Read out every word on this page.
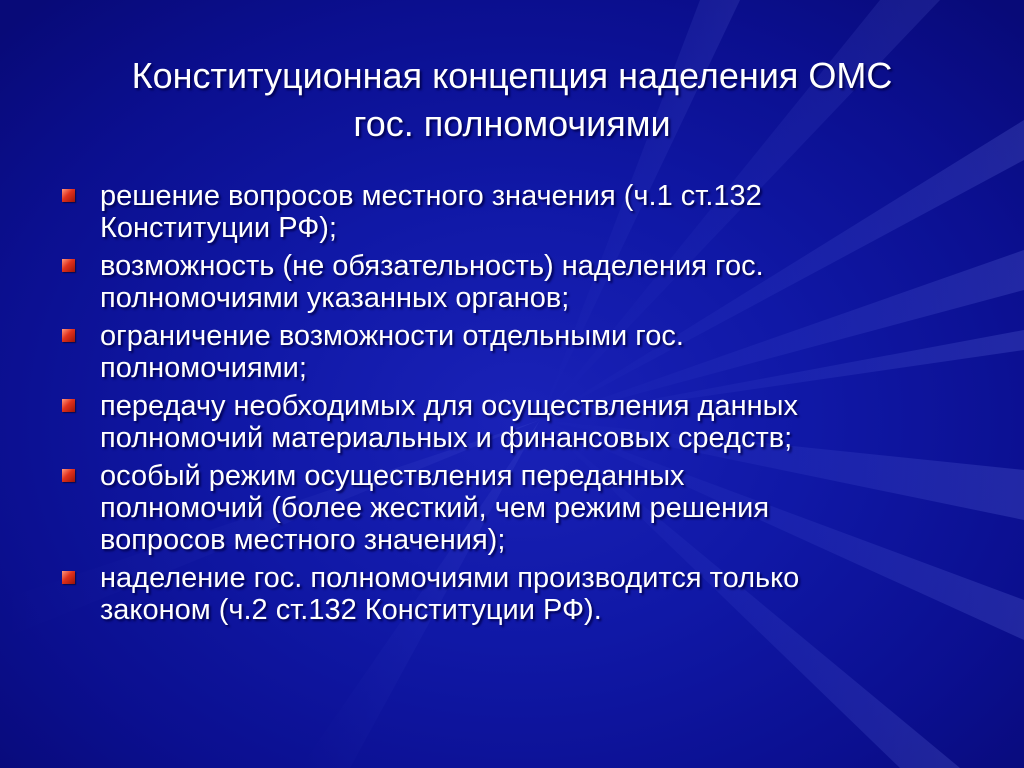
Конституционная концепция наделения ОМС
гос. полномочиями
решение вопросов местного значения (ч.1 ст.132
Конституции РФ);
возможность (не обязательность) наделения гос.
полномочиями указанных органов;
ограничение возможности отдельными гос.
полномочиями;
передачу необходимых для осуществления данных
полномочий материальных и финансовых средств;
особый режим осуществления переданных
полномочий (более жесткий, чем режим решения
вопросов местного значения);
наделение гос. полномочиями производится только
законом (ч.2 ст.132 Конституции РФ).
